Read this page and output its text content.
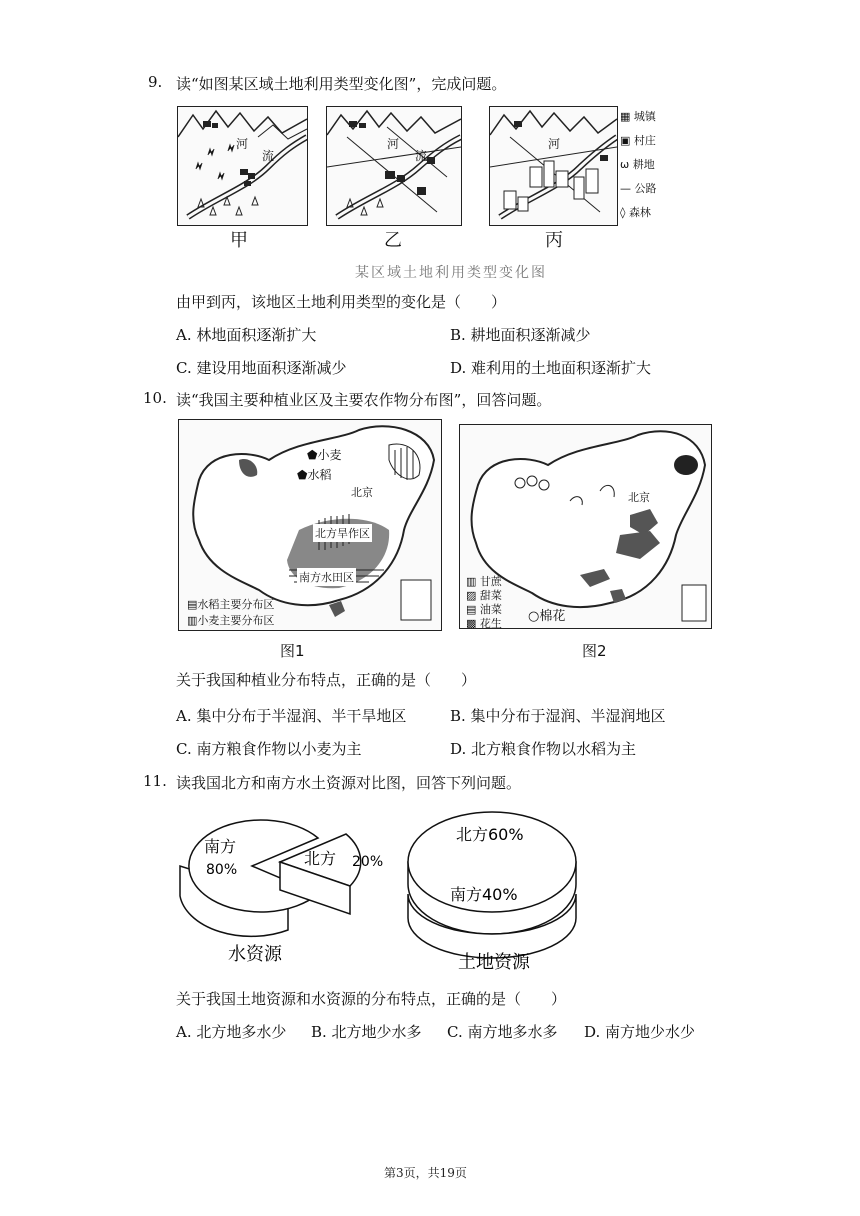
9. 读“如图某区域土地利用类型变化图”，完成问题。
河
流
甲
河
流
乙
河
丙
▦ 城镇
▣ 村庄
ω 耕地
— 公路
◊ 森林
某区域土地利用类型变化图
由甲到丙，该地区土地利用类型的变化是（　　）
A. 林地面积逐渐扩大	B. 耕地面积逐渐减少
C. 建设用地面积逐渐减少	D. 难利用的土地面积逐渐扩大
10. 读“我国主要种植业区及主要农作物分布图”，回答问题。
⬟小麦
⬟水稻
北京
北方旱作区
南方水田区
▤水稻主要分布区
▥小麦主要分布区
图1
北京
▥ 甘蔗
▨ 甜菜
▤ 油菜
▩ 花生 ○棉花
图2
关于我国种植业分布特点，正确的是（　　）
A. 集中分布于半湿润、半干旱地区	B. 集中分布于湿润、半湿润地区
C. 南方粮食作物以小麦为主	D. 北方粮食作物以水稻为主
11. 读我国北方和南方水土资源对比图，回答下列问题。
南方
80%
北方 20%
水资源
北方60%
南方40%
土地资源
关于我国土地资源和水资源的分布特点，正确的是（　　）
A. 北方地多水少 B. 北方地少水多 C. 南方地多水多 D. 南方地少水少
第3页，共19页
